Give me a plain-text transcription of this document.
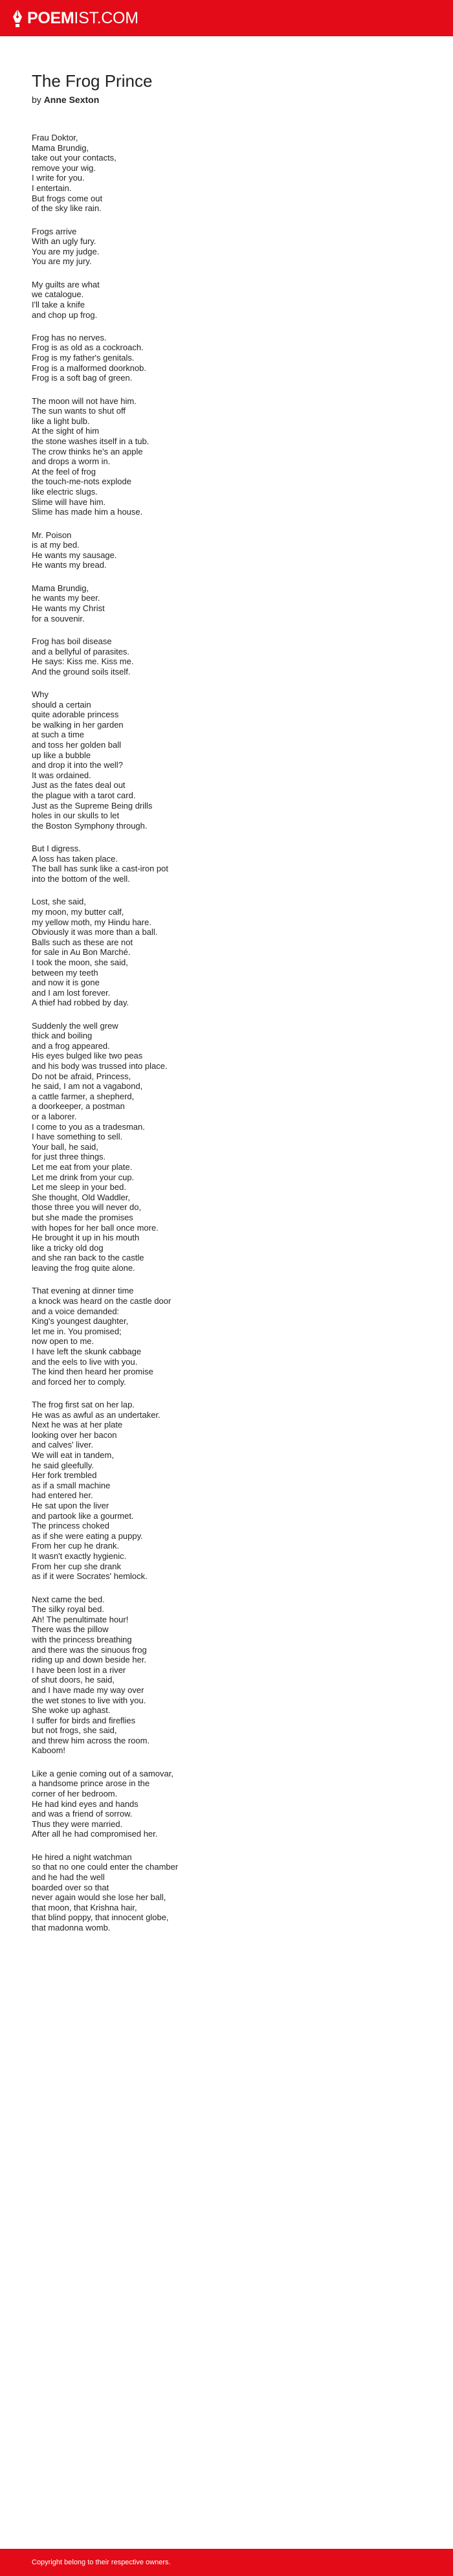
POEMIST.COM
The Frog Prince
by Anne Sexton
Frau Doktor,
Mama Brundig,
take out your contacts,
remove your wig.
I write for you.
I entertain.
But frogs come out
of the sky like rain.
Frogs arrive
With an ugly fury.
You are my judge.
You are my jury.
My guilts are what
we catalogue.
I'll take a knife
and chop up frog.
Frog has no nerves.
Frog is as old as a cockroach.
Frog is my father's genitals.
Frog is a malformed doorknob.
Frog is a soft bag of green.
The moon will not have him.
The sun wants to shut off
like a light bulb.
At the sight of him
the stone washes itself in a tub.
The crow thinks he's an apple
and drops a worm in.
At the feel of frog
the touch-me-nots explode
like electric slugs.
Slime will have him.
Slime has made him a house.
Mr. Poison
is at my bed.
He wants my sausage.
He wants my bread.
Mama Brundig,
he wants my beer.
He wants my Christ
for a souvenir.
Frog has boil disease
and a bellyful of parasites.
He says: Kiss me. Kiss me.
And the ground soils itself.
Why
should a certain
quite adorable princess
be walking in her garden
at such a time
and toss her golden ball
up like a bubble
and drop it into the well?
It was ordained.
Just as the fates deal out
the plague with a tarot card.
Just as the Supreme Being drills
holes in our skulls to let
the Boston Symphony through.
But I digress.
A loss has taken place.
The ball has sunk like a cast-iron pot
into the bottom of the well.
Lost, she said,
my moon, my butter calf,
my yellow moth, my Hindu hare.
Obviously it was more than a ball.
Balls such as these are not
for sale in Au Bon Marché.
I took the moon, she said,
between my teeth
and now it is gone
and I am lost forever.
A thief had robbed by day.
Suddenly the well grew
thick and boiling
and a frog appeared.
His eyes bulged like two peas
and his body was trussed into place.
Do not be afraid, Princess,
he said, I am not a vagabond,
a cattle farmer, a shepherd,
a doorkeeper, a postman
or a laborer.
I come to you as a tradesman.
I have something to sell.
Your ball, he said,
for just three things.
Let me eat from your plate.
Let me drink from your cup.
Let me sleep in your bed.
She thought, Old Waddler,
those three you will never do,
but she made the promises
with hopes for her ball once more.
He brought it up in his mouth
like a tricky old dog
and she ran back to the castle
leaving the frog quite alone.
That evening at dinner time
a knock was heard on the castle door
and a voice demanded:
King's youngest daughter,
let me in. You promised;
now open to me.
I have left the skunk cabbage
and the eels to live with you.
The kind then heard her promise
and forced her to comply.
The frog first sat on her lap.
He was as awful as an undertaker.
Next he was at her plate
looking over her bacon
and calves' liver.
We will eat in tandem,
he said gleefully.
Her fork trembled
as if a small machine
had entered her.
He sat upon the liver
and partook like a gourmet.
The princess choked
as if she were eating a puppy.
From her cup he drank.
It wasn't exactly hygienic.
From her cup she drank
as if it were Socrates' hemlock.
Next came the bed.
The silky royal bed.
Ah! The penultimate hour!
There was the pillow
with the princess breathing
and there was the sinuous frog
riding up and down beside her.
I have been lost in a river
of shut doors, he said,
and I have made my way over
the wet stones to live with you.
She woke up aghast.
I suffer for birds and fireflies
but not frogs, she said,
and threw him across the room.
Kaboom!
Like a genie coming out of a samovar,
a handsome prince arose in the
corner of her bedroom.
He had kind eyes and hands
and was a friend of sorrow.
Thus they were married.
After all he had compromised her.
He hired a night watchman
so that no one could enter the chamber
and he had the well
boarded over so that
never again would she lose her ball,
that moon, that Krishna hair,
that blind poppy, that innocent globe,
that madonna womb.
Copyright belong to their respective owners.
